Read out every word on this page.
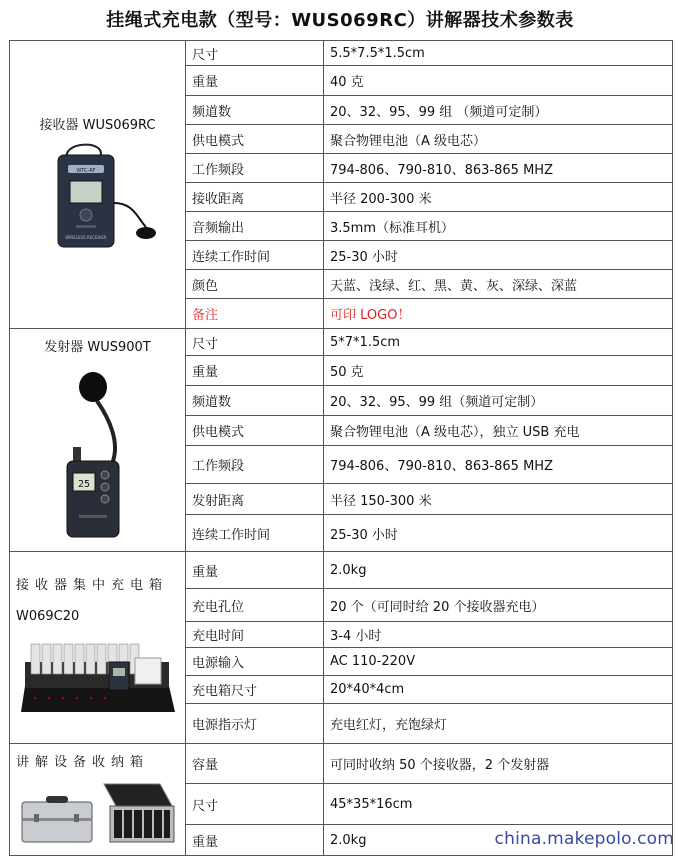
挂绳式充电款（型号：WUS069RC）讲解器技术参数表
接收器 WUS069RC
WTC-RF
WIRELESS RECEIVER	尺寸	5.5*7.5*1.5cm
	重量	40 克
	频道数	20、32、95、99 组 （频道可定制）
	供电模式	聚合物锂电池（A 级电芯）
	工作频段	794-806、790-810、863-865 MHZ
	接收距离	半径 200-300 米
	音频输出	3.5mm（标准耳机）
	连续工作时间	25-30 小时
	颜色	天蓝、浅绿、红、黑、黄、灰、深绿、深蓝
	备注	可印 LOGO！

发射器 WUS900T
25	尺寸	5*7*1.5cm
	重量	50 克
	频道数	20、32、95、99 组（频道可定制）
	供电模式	聚合物锂电池（A 级电芯），独立 USB 充电
	工作频段	794-806、790-810、863-865 MHZ
	发射距离	半径 150-300 米
	连续工作时间	25-30 小时

接收器集中充电箱
W069C20	重量	2.0kg
	充电孔位	20 个（可同时给 20 个接收器充电）
	充电时间	3-4 小时
	电源输入	AC 110-220V
	充电箱尺寸	20*40*4cm
	电源指示灯	充电红灯，充饱绿灯

讲解设备收纳箱	容量	可同时收纳 50 个接收器，2 个发射器
	尺寸	45*35*16cm
	重量	2.0kg	china.makepolo.com
